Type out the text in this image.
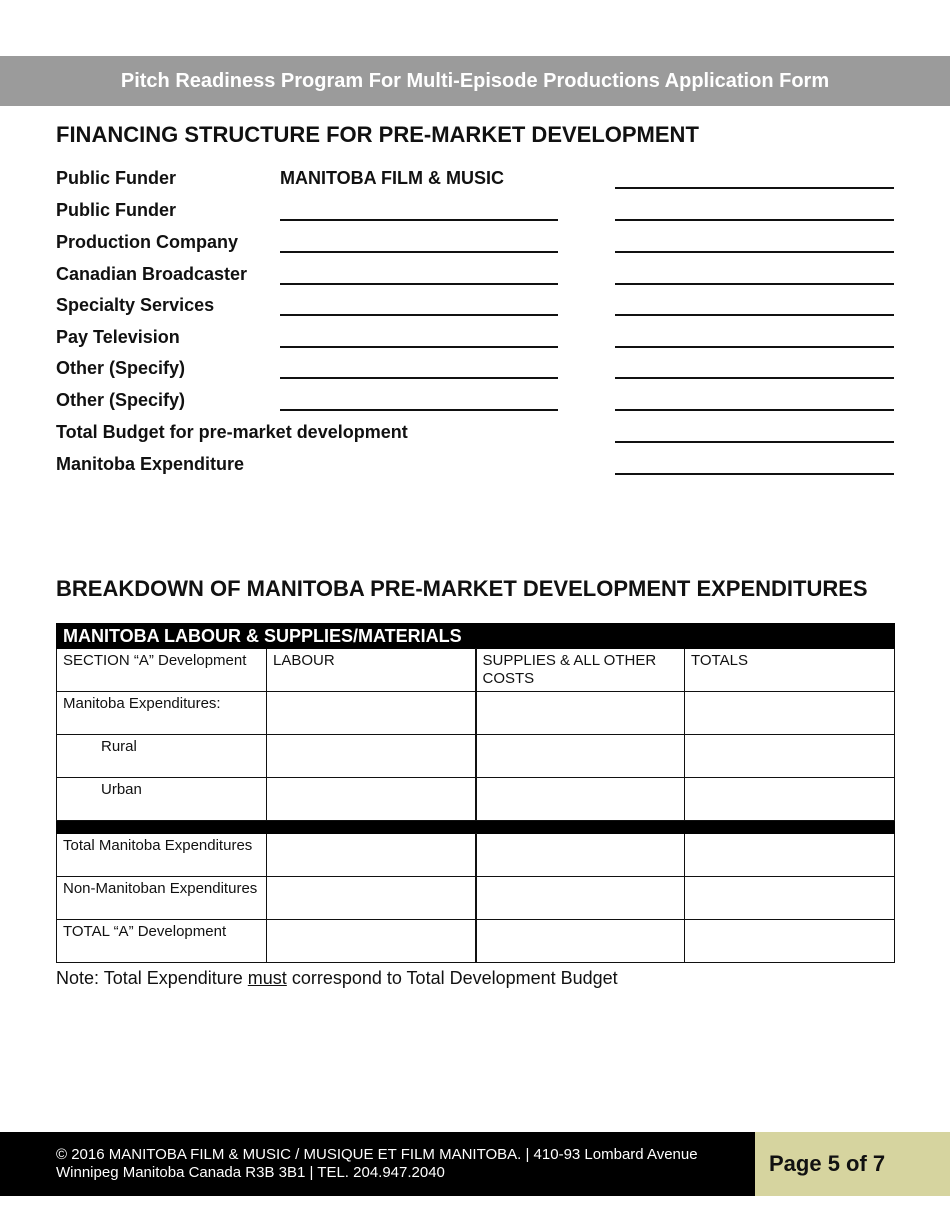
Pitch Readiness Program For Multi-Episode Productions Application Form
FINANCING STRUCTURE FOR PRE-MARKET DEVELOPMENT
Public Funder	MANITOBA FILM & MUSIC
Public Funder
Production Company
Canadian Broadcaster
Specialty Services
Pay Television
Other (Specify)
Other (Specify)
Total Budget for pre-market development
Manitoba Expenditure
BREAKDOWN OF MANITOBA PRE-MARKET DEVELOPMENT EXPENDITURES
MANITOBA LABOUR & SUPPLIES/MATERIALS			
SECTION “A” Development	LABOUR	SUPPLIES & ALL OTHER COSTS	TOTALS
Manitoba Expenditures:			
Rural			
Urban			

Total Manitoba Expenditures			
Non-Manitoban Expenditures			
TOTAL “A” Development			
Note: Total Expenditure must correspond to Total Development Budget
© 2016 MANITOBA FILM & MUSIC / MUSIQUE ET FILM MANITOBA. | 410-93 Lombard Avenue
Winnipeg Manitoba Canada R3B 3B1 | TEL. 204.947.2040	Page 5 of 7
